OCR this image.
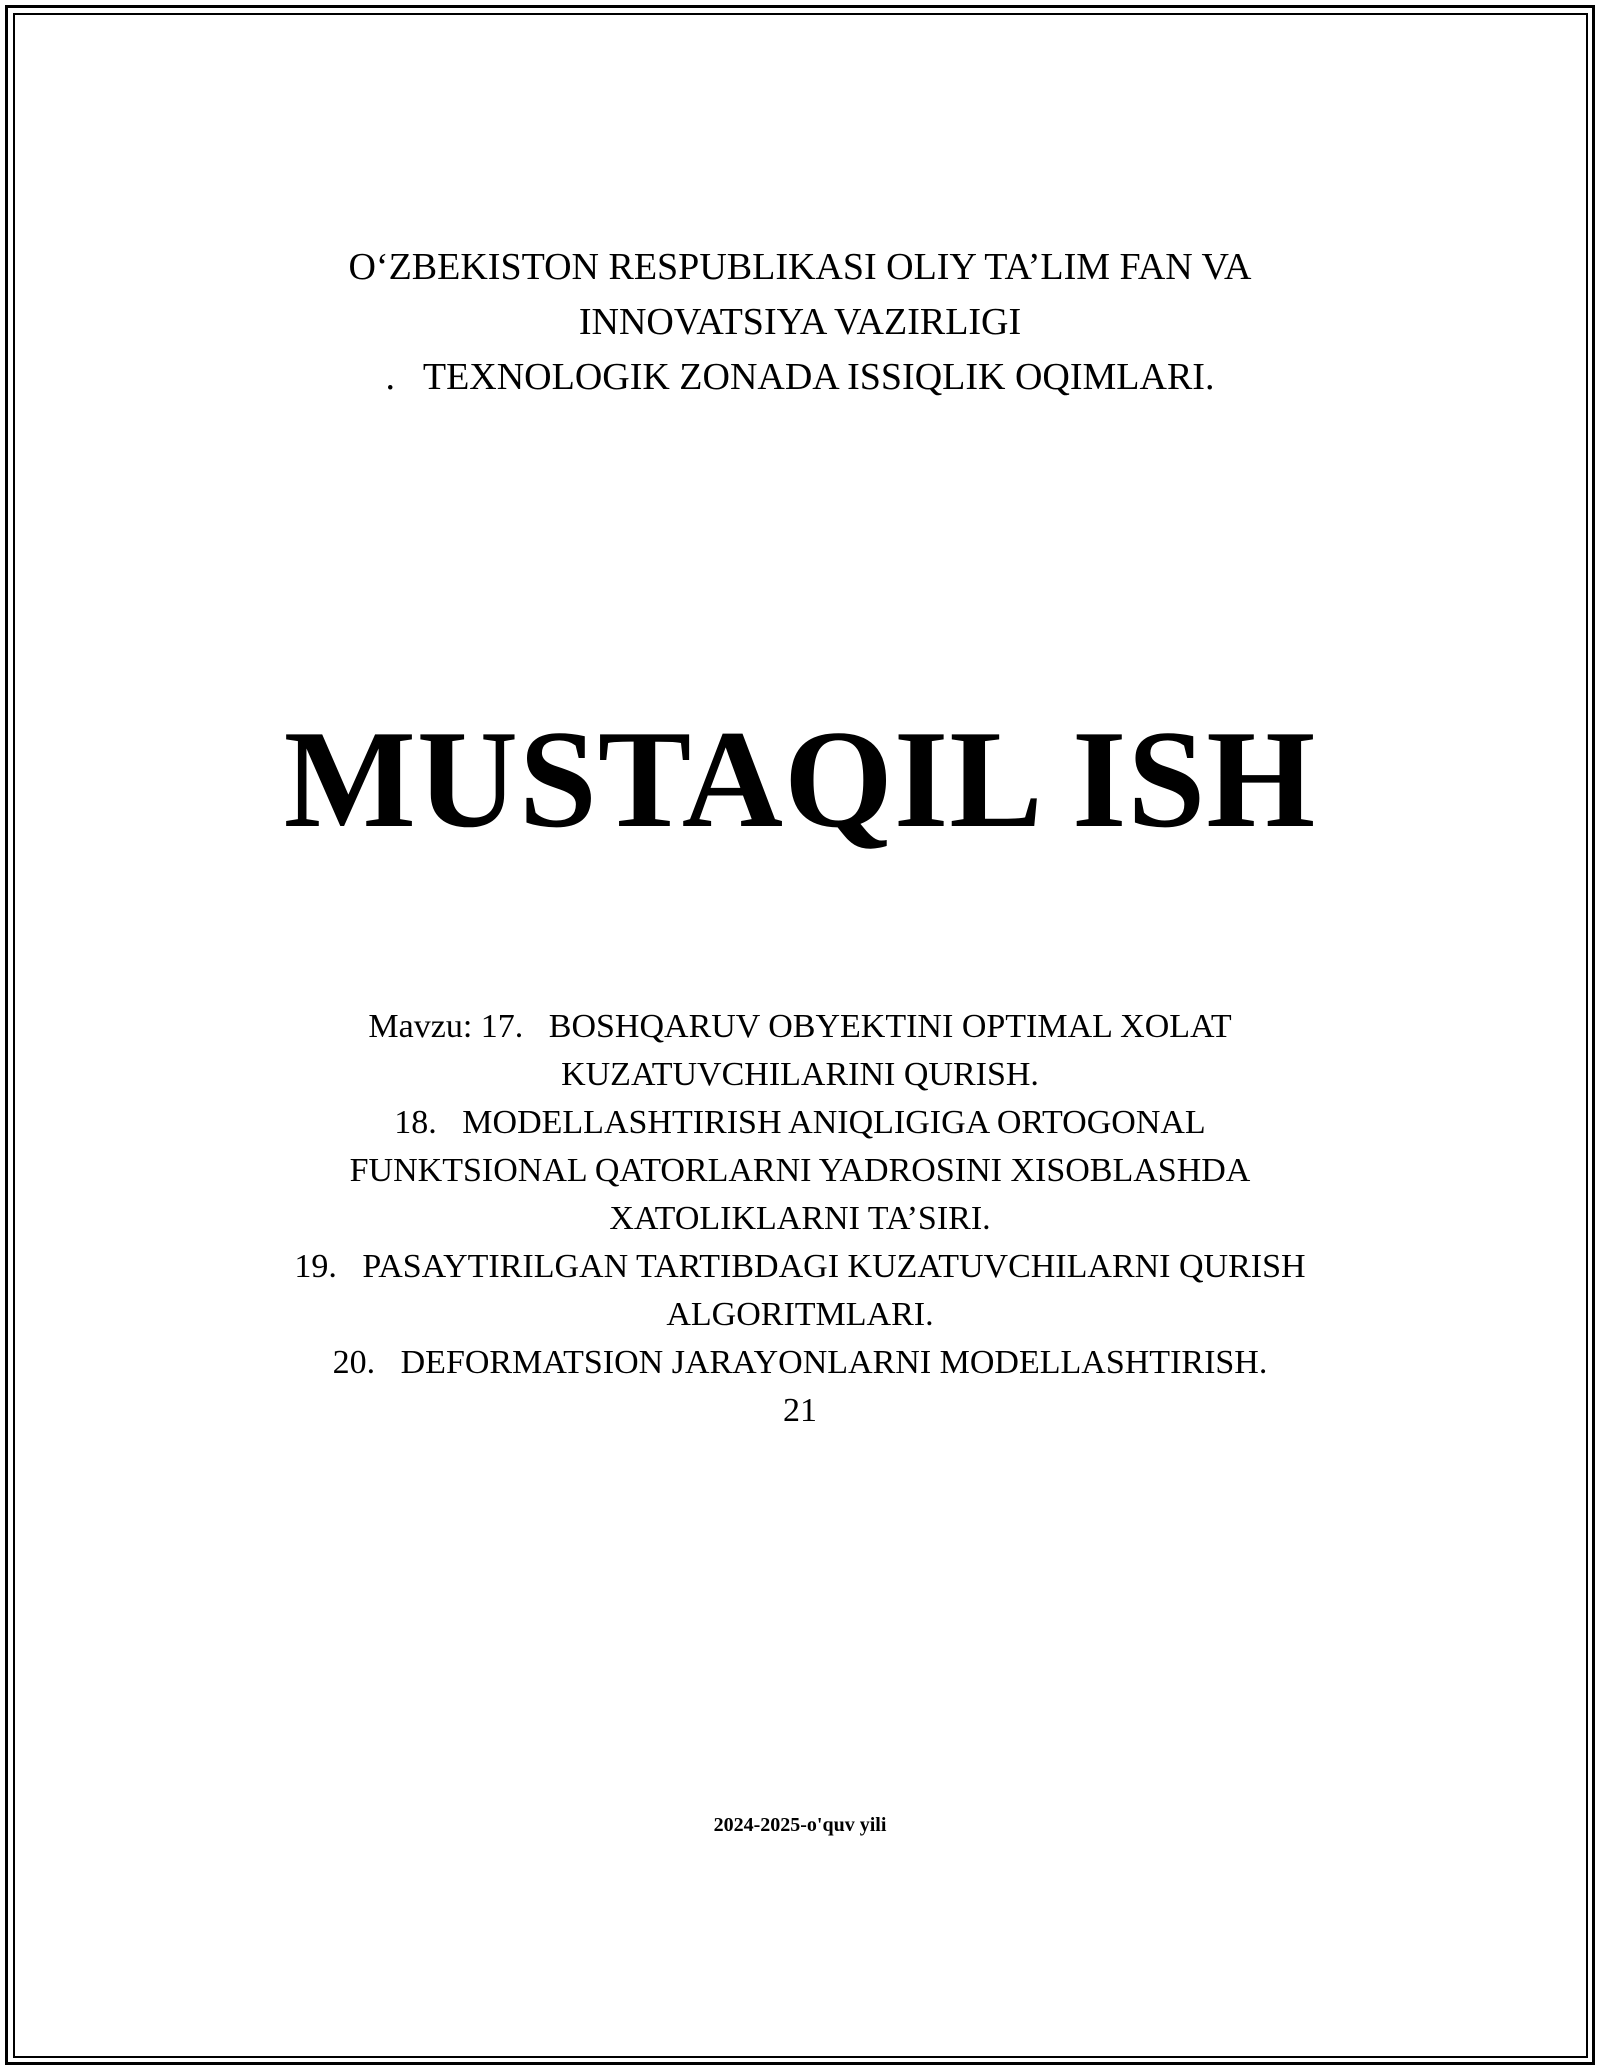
O‘ZBEKISTON RESPUBLIKASI OLIY TA’LIM FAN VA
INNOVATSIYA VAZIRLIGI
.   TEXNOLOGIK ZONADA ISSIQLIK OQIMLARI.
MUSTAQIL ISH
Mavzu: 17.   BOSHQARUV OBYEKTINI OPTIMAL XOLAT
KUZATUVCHILARINI QURISH.
18.   MODELLASHTIRISH ANIQLIGIGA ORTOGONAL
FUNKTSIONAL QATORLARNI YADROSINI XISOBLASHDA
XATOLIKLARNI TA’SIRI.
19.   PASAYTIRILGAN TARTIBDAGI KUZATUVCHILARNI QURISH
ALGORITMLARI.
20.   DEFORMATSION JARAYONLARNI MODELLASHTIRISH.
21
2024-2025-o'quv yili
